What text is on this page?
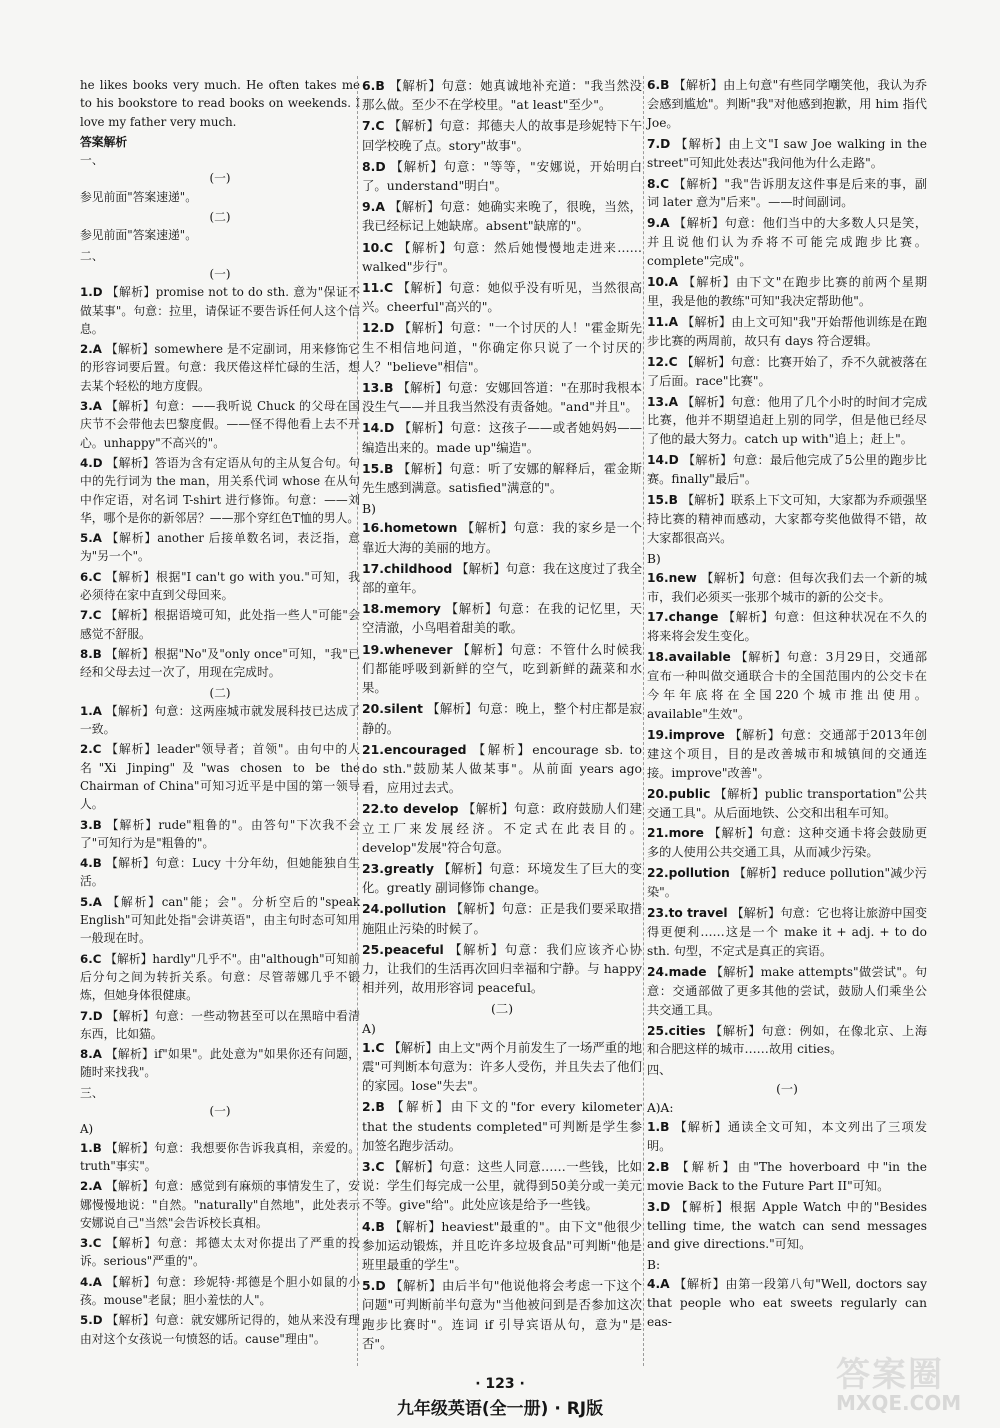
he likes books very much. He often takes me to his bookstore to read books on weekends. I love my father very much.

答案解析

一、

(一)

参见前面"答案速递"。

(二)

参见前面"答案速递"。

二、

(一)

1.D 【解析】promise not to do sth. 意为"保证不做某事"。句意：拉里，请保证不要告诉任何人这个信息。

2.A 【解析】somewhere 是不定副词，用来修饰它的形容词要后置。句意：我厌倦这样忙碌的生活，想去某个轻松的地方度假。

3.A 【解析】句意：——我听说 Chuck 的父母在国庆节不会带他去巴黎度假。——怪不得他看上去不开心。unhappy"不高兴的"。

4.D 【解析】答语为含有定语从句的主从复合句。句中的先行词为 the man，用关系代词 whose 在从句中作定语，对名词 T-shirt 进行修饰。句意：——刘华，哪个是你的新邻居？——那个穿红色T恤的男人。

5.A 【解析】another 后接单数名词，表泛指，意为"另一个"。

6.C 【解析】根据"I can't go with you."可知，我必须待在家中直到父母回来。

7.C 【解析】根据语境可知，此处指一些人"可能"会感觉不舒服。

8.B 【解析】根据"No"及"only once"可知，"我"已经和父母去过一次了，用现在完成时。

(二)

1.A 【解析】句意：这两座城市就发展科技已达成了一致。

2.C 【解析】leader"领导者；首领"。由句中的人名"Xi Jinping"及"was chosen to be the Chairman of China"可知习近平是中国的第一领导人。

3.B 【解析】rude"粗鲁的"。由答句"下次我不会了"可知行为是"粗鲁的"。

4.B 【解析】句意：Lucy 十分年幼，但她能独自生活。

5.A 【解析】can"能；会"。分析空后的"speak English"可知此处指"会讲英语"，由主句时态可知用一般现在时。

6.C 【解析】hardly"几乎不"。由"although"可知前后分句之间为转折关系。句意：尽管蒂娜几乎不锻炼，但她身体很健康。

7.D 【解析】句意：一些动物甚至可以在黑暗中看清东西，比如猫。

8.A 【解析】if"如果"。此处意为"如果你还有问题，随时来找我"。

三、

(一)

A)

1.B 【解析】句意：我想要你告诉我真相，亲爱的。truth"事实"。

2.A 【解析】句意：感觉到有麻烦的事情发生了，安娜慢慢地说："自然。"naturally"自然地"，此处表示安娜说自己"当然"会告诉校长真相。

3.C 【解析】句意：邦德太太对你提出了严重的投诉。serious"严重的"。

4.A 【解析】句意：珍妮特·邦德是个胆小如鼠的小孩。mouse"老鼠；胆小羞怯的人"。

5.D 【解析】句意：就安娜所记得的，她从来没有理由对这个女孩说一句愤怒的话。cause"理由"。

6.B 【解析】句意：她真诚地补充道："我当然没那么做。至少不在学校里。"at least"至少"。

7.C 【解析】句意：邦德夫人的故事是珍妮特下午回学校晚了点。story"故事"。

8.D 【解析】句意："等等，"安娜说，开始明白了。understand"明白"。

9.A 【解析】句意：她确实来晚了，很晚，当然，我已经标记上她缺席。absent"缺席的"。

10.C 【解析】句意：然后她慢慢地走进来……walked"步行"。

11.C 【解析】句意：她似乎没有听见，当然很高兴。cheerful"高兴的"。

12.D 【解析】句意："一个讨厌的人！"霍金斯先生不相信地问道，"你确定你只说了一个讨厌的人？"believe"相信"。

13.B 【解析】句意：安娜回答道："在那时我根本没生气——并且我当然没有责备她。"and"并且"。

14.D 【解析】句意：这孩子——或者她妈妈——编造出来的。made up"编造"。

15.B 【解析】句意：听了安娜的解释后，霍金斯先生感到满意。satisfied"满意的"。

B)

16.hometown 【解析】句意：我的家乡是一个靠近大海的美丽的地方。

17.childhood 【解析】句意：我在这度过了我全部的童年。

18.memory 【解析】句意：在我的记忆里，天空清澈，小鸟唱着甜美的歌。

19.whenever 【解析】句意：不管什么时候我们都能呼吸到新鲜的空气，吃到新鲜的蔬菜和水果。

20.silent 【解析】句意：晚上，整个村庄都是寂静的。

21.encouraged 【解析】encourage sb. to do sth."鼓励某人做某事"。从前面 years ago 看，应用过去式。

22.to develop 【解析】句意：政府鼓励人们建立工厂来发展经济。不定式在此表目的。develop"发展"符合句意。

23.greatly 【解析】句意：环境发生了巨大的变化。greatly 副词修饰 change。

24.pollution 【解析】句意：正是我们要采取措施阻止污染的时候了。

25.peaceful 【解析】句意：我们应该齐心协力，让我们的生活再次回归幸福和宁静。与 happy 相并列，故用形容词 peaceful。

(二)

A)

1.C 【解析】由上文"两个月前发生了一场严重的地震"可判断本句意为：许多人受伤，并且失去了他们的家园。lose"失去"。

2.B 【解析】由下文的"for every kilometer that the students completed"可判断是学生参加签名跑步活动。

3.C 【解析】句意：这些人同意……一些钱，比如说：学生们每完成一公里，就得到50美分或一美元不等。give"给"。此处应该是给予一些钱。

4.B 【解析】heaviest"最重的"。由下文"他很少参加运动锻炼，并且吃许多垃圾食品"可判断"他是班里最重的学生"。

5.D 【解析】由后半句"他说他将会考虑一下这个问题"可判断前半句意为"当他被问到是否参加这次跑步比赛时"。连词 if 引导宾语从句，意为"是否"。

6.B 【解析】由上句意"有些同学嘲笑他，我认为乔会感到尴尬"。判断"我"对他感到抱歉，用 him 指代 Joe。

7.D 【解析】由上文"I saw Joe walking in the street"可知此处表达"我问他为什么走路"。

8.C 【解析】"我"告诉朋友这件事是后来的事，副词 later 意为"后来"。——时间副词。

9.A 【解析】句意：他们当中的大多数人只是笑，并且说他们认为乔将不可能完成跑步比赛。complete"完成"。

10.A 【解析】由下文"在跑步比赛的前两个星期里，我是他的教练"可知"我决定帮助他"。

11.A 【解析】由上文可知"我"开始帮他训练是在跑步比赛的两周前，故只有 days 符合逻辑。

12.C 【解析】句意：比赛开始了，乔不久就被落在了后面。race"比赛"。

13.A 【解析】句意：他用了几个小时的时间才完成比赛，他并不期望追赶上别的同学，但是他已经尽了他的最大努力。catch up with"追上；赶上"。

14.D 【解析】句意：最后他完成了5公里的跑步比赛。finally"最后"。

15.B 【解析】联系上下文可知，大家都为乔顽强坚持比赛的精神而感动，大家都夸奖他做得不错，故大家都很高兴。

B)

16.new 【解析】句意：但每次我们去一个新的城市，我们必须买一张那个城市的新的公交卡。

17.change 【解析】句意：但这种状况在不久的将来将会发生变化。

18.available 【解析】句意：3月29日，交通部宣布一种叫做交通联合卡的全国范围内的公交卡在今年年底将在全国220个城市推出使用。available"生效"。

19.improve 【解析】句意：交通部于2013年创建这个项目，目的是改善城市和城镇间的交通连接。improve"改善"。

20.public 【解析】public transportation"公共交通工具"。从后面地铁、公交和出租车可知。

21.more 【解析】句意：这种交通卡将会鼓励更多的人使用公共交通工具，从而减少污染。

22.pollution 【解析】reduce pollution"减少污染"。

23.to travel 【解析】句意：它也将让旅游中国变得更便利……这是一个 make it + adj. + to do sth. 句型，不定式是真正的宾语。

24.made 【解析】make attempts"做尝试"。句意：交通部做了更多其他的尝试，鼓励人们乘坐公共交通工具。

25.cities 【解析】句意：例如，在像北京、上海和合肥这样的城市……故用 cities。

四、

(一)

A)A:

1.B 【解析】通读全文可知，本文列出了三项发明。

2.B 【解析】由"The hoverboard 中"in the movie Back to the Future Part II"可知。

3.D 【解析】根据 Apple Watch 中的"Besides telling time, the watch can send messages and give directions."可知。

B:

4.A 【解析】由第一段第八句"Well, doctors say that people who eat sweets regularly can eas-

· 123 ·
九年级英语(全一册) · RJ版
答案圈
MXQE.COM
